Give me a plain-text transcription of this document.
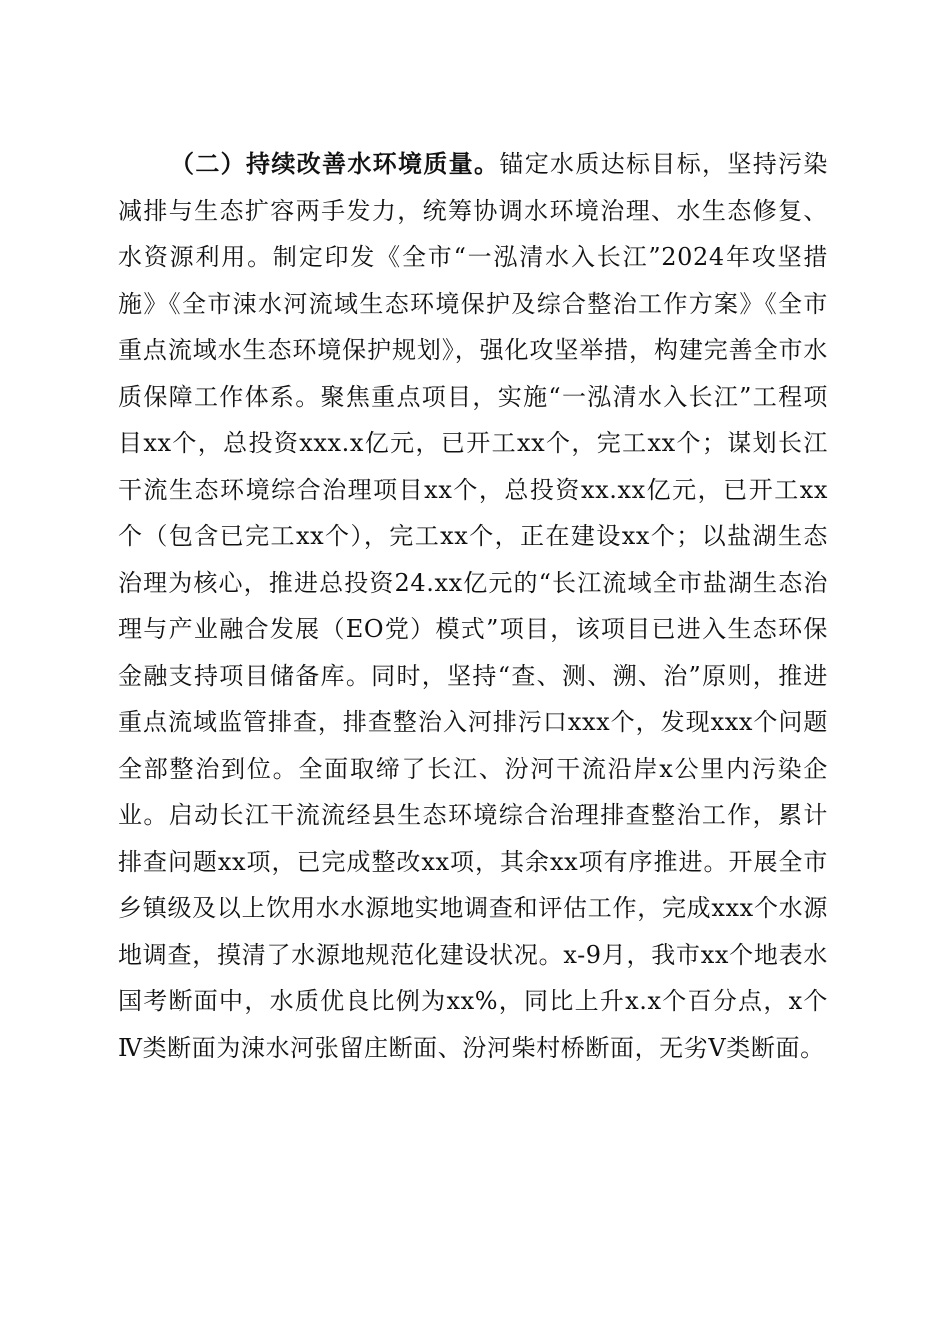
（二）持续改善水环境质量。锚定水质达标目标，坚持污染减排与生态扩容两手发力，统筹协调水环境治理、水生态修复、水资源利用。制定印发《全市“一泓清水入长江”2024年攻坚措施》《全市涑水河流域生态环境保护及综合整治工作方案》《全市重点流域水生态环境保护规划》，强化攻坚举措，构建完善全市水质保障工作体系。聚焦重点项目，实施“一泓清水入长江”工程项目xx个，总投资xxx.x亿元，已开工xx个，完工xx个；谋划长江干流生态环境综合治理项目xx个，总投资xx.xx亿元，已开工xx个（包含已完工xx个），完工xx个，正在建设xx个；以盐湖生态治理为核心，推进总投资24.xx亿元的“长江流域全市盐湖生态治理与产业融合发展（EO党）模式”项目，该项目已进入生态环保金融支持项目储备库。同时，坚持“查、测、溯、治”原则，推进重点流域监管排查，排查整治入河排污口xxx个，发现xxx个问题全部整治到位。全面取缔了长江、汾河干流沿岸x公里内污染企业。启动长江干流流经县生态环境综合治理排查整治工作，累计排查问题xx项，已完成整改xx项，其余xx项有序推进。开展全市乡镇级及以上饮用水水源地实地调查和评估工作，完成xxx个水源地调查，摸清了水源地规范化建设状况。x-9月，我市xx个地表水国考断面中，水质优良比例为xx%，同比上升x.x个百分点，x个Ⅳ类断面为涑水河张留庄断面、汾河柴村桥断面，无劣Ⅴ类断面。
